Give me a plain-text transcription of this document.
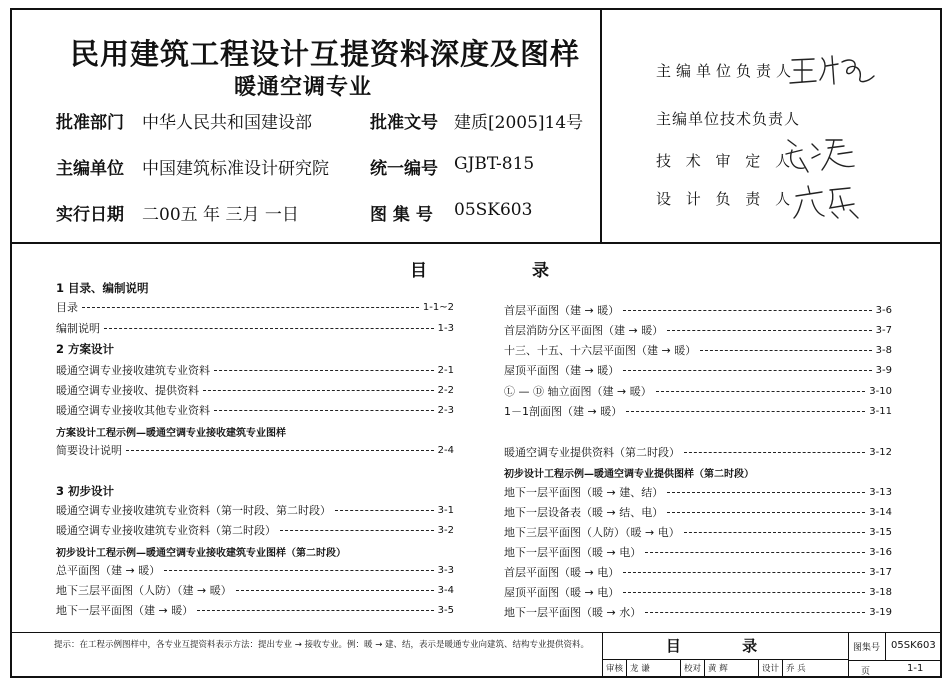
民用建筑工程设计互提资料深度及图样
暖通空调专业
批准部门 中华人民共和国建设部	批准文号 建质[2005]14号
主编单位 中国建筑标准设计研究院 统一编号 GJBT-815
实行日期 二00五 年 三月 一日	图 集 号 05SK603
主编单位负责人
主编单位技术负责人
技 术 审 定 人
设 计 负 责 人
目	录
1 目录、编制说明
目录	1-1~2
编制说明	1-3
2 方案设计
暖通空调专业接收建筑专业资料	2-1
暖通空调专业接收、提供资料	2-2
暖通空调专业接收其他专业资料	2-3
方案设计工程示例—暖通空调专业接收建筑专业图样
简要设计说明	2-4
3 初步设计
暖通空调专业接收建筑专业资料（第一时段、第二时段）	3-1
暖通空调专业接收建筑专业资料（第二时段）	3-2
初步设计工程示例—暖通空调专业接收建筑专业图样（第二时段）
总平面图（建 → 暖）	3-3
地下三层平面图（人防）（建 → 暖）	3-4
地下一层平面图（建 → 暖）	3-5
首层平面图（建 → 暖）	3-6
首层消防分区平面图（建 → 暖）	3-7
十三、十五、十六层平面图（建 → 暖）	3-8
屋顶平面图（建 → 暖）	3-9
Ⓛ — Ⓓ 轴立面图（建 → 暖）	3-10
1－1剖面图（建 → 暖）	3-11
暖通空调专业提供资料（第二时段）	3-12
初步设计工程示例—暖通空调专业提供图样（第二时段）
地下一层平面图（暖 → 建、结）	3-13
地下一层设备表（暖 → 结、电）	3-14
地下三层平面图（人防）（暖 → 电）	3-15
地下一层平面图（暖 → 电）	3-16
首层平面图（暖 → 电）	3-17
屋顶平面图（暖 → 电）	3-18
地下一层平面图（暖 → 水）	3-19
提示：在工程示例图样中，各专业互提资料表示方法：提出专业 → 接收专业。例：暖 → 建、结，表示是暖通专业向建筑、结构专业提供资料。	目 录	图集号 05SK603
页	1-1
审核 龙 谦	校对 黄 辉	设计 乔 兵
